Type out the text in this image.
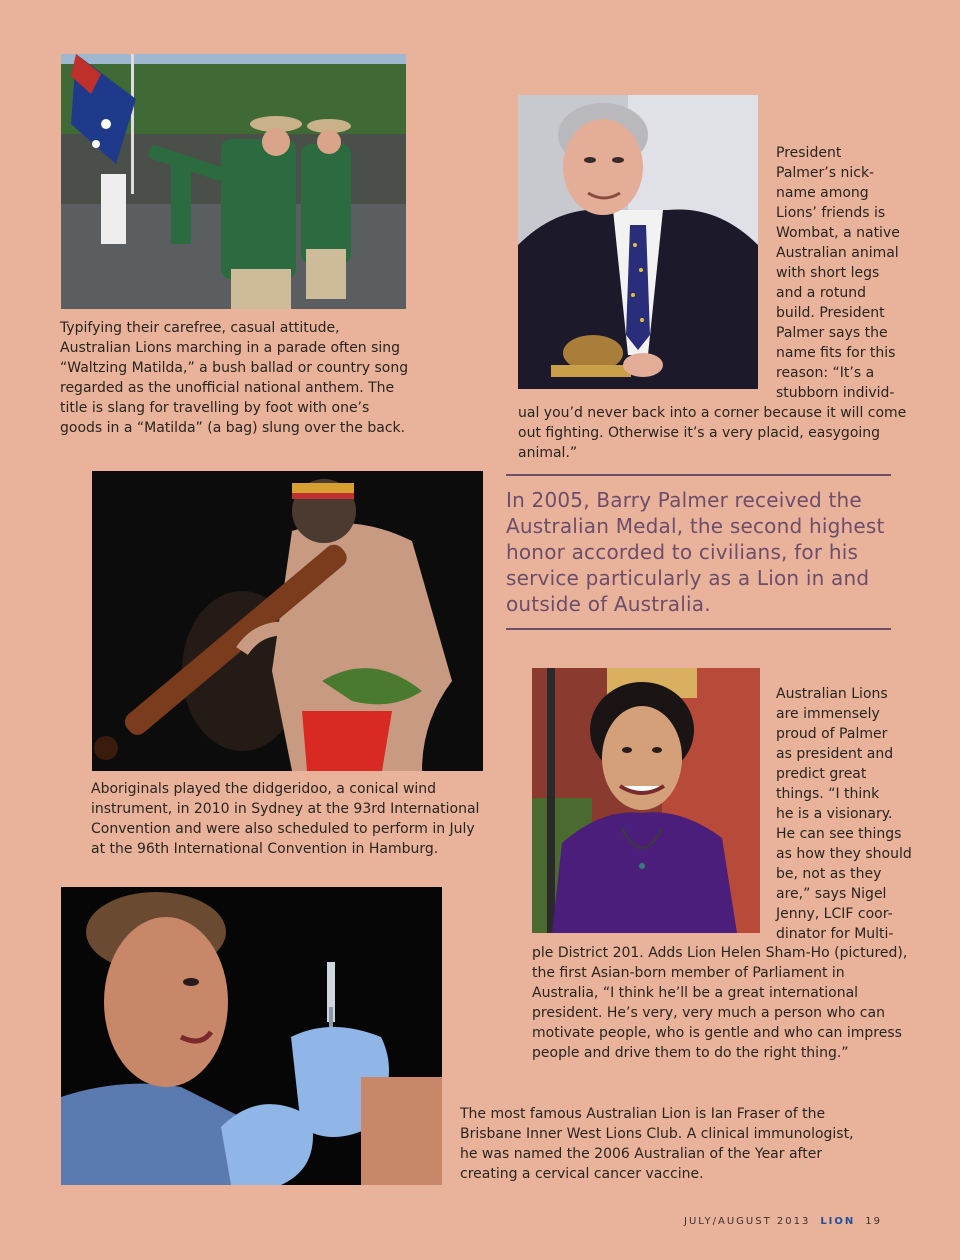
Typifying their carefree, casual attitude, Australian Lions marching in a parade often sing “Waltzing Matilda,” a bush ballad or country song regarded as the unofficial national anthem. The title is slang for travelling by foot with one’s goods in a “Matilda” (a bag) slung over the back.

President
Palmer’s nick-
name among
Lions’ friends is
Wombat, a native
Australian animal
with short legs
and a rotund
build. President
Palmer says the
name fits for this
reason: “It’s a
stubborn individ-

ual you’d never back into a corner because it will come out fighting. Otherwise it’s a very placid, easygoing animal.”

Aboriginals played the didgeridoo, a conical wind instrument, in 2010 in Sydney at the 93rd International Convention and were also scheduled to perform in July at the 96th International Convention in Hamburg.

In 2005, Barry Palmer received the Australian Medal, the second highest honor accorded to civilians, for his service particularly as a Lion in and outside of Australia.

Australian Lions
are immensely
proud of Palmer
as president and
predict great
things. “I think
he is a visionary.
He can see things
as how they should
be, not as they
are,” says Nigel
Jenny, LCIF coor-
dinator for Multi-

ple District 201. Adds Lion Helen Sham-Ho (pictured), the first Asian-born member of Parliament in Australia, “I think he’ll be a great international president. He’s very, very much a person who can motivate people, who is gentle and who can impress people and drive them to do the right thing.”

The most famous Australian Lion is Ian Fraser of the Brisbane Inner West Lions Club. A clinical immunologist, he was named the 2006 Australian of the Year after creating a cervical cancer vaccine.

JULY/AUGUST 2013 LION 19
